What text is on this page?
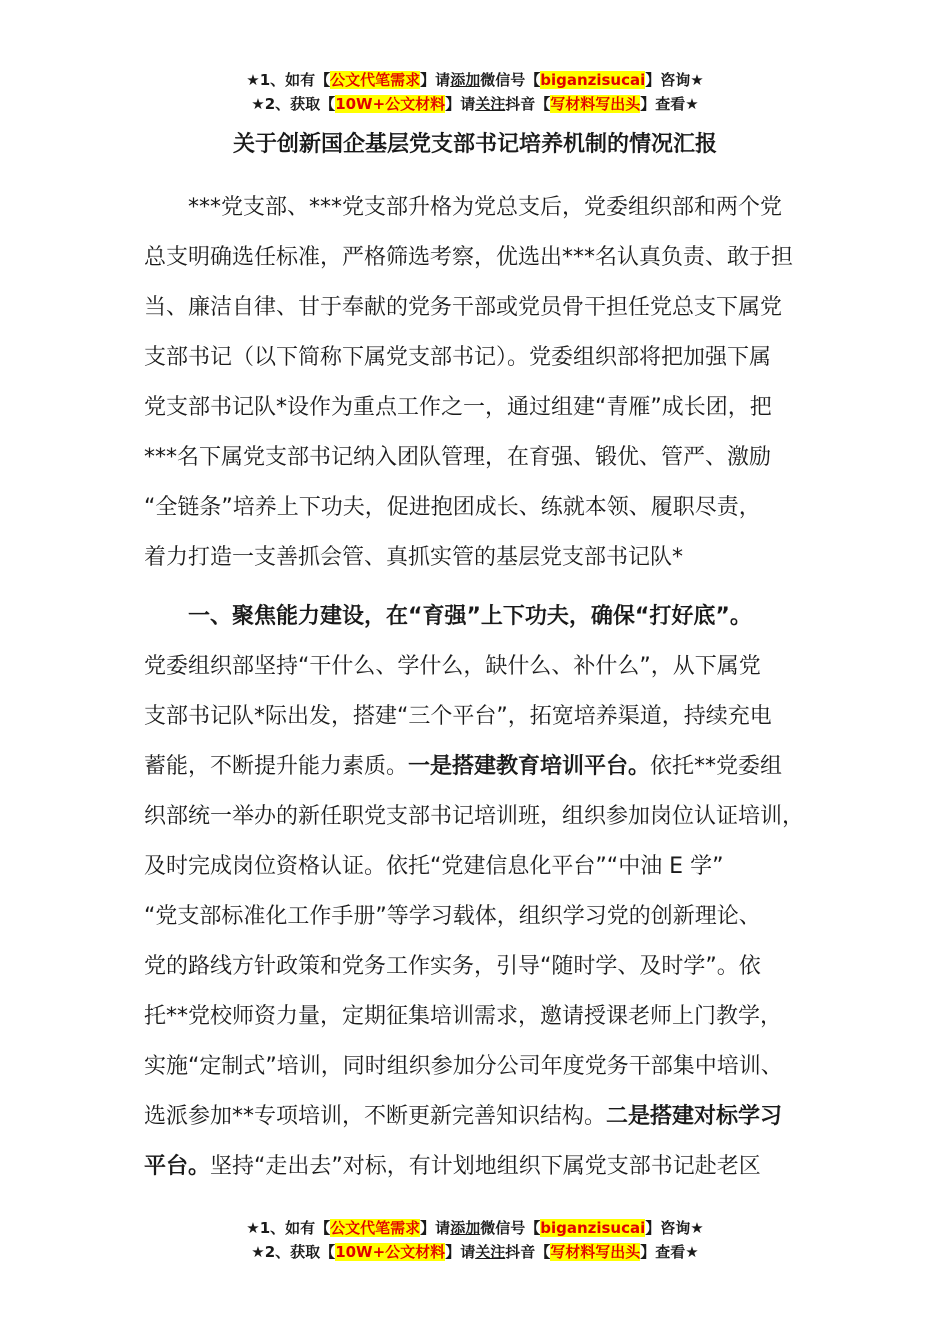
★1、如有【公文代笔需求】请添加微信号【biganzisucai】咨询★
★2、获取【10W+公文材料】请关注抖音【写材料写出头】查看★
关于创新国企基层党支部书记培养机制的情况汇报
　　***党支部、***党支部升格为党总支后，党委组织部和两个党
总支明确选任标准，严格筛选考察，优选出***名认真负责、敢于担
当、廉洁自律、甘于奉献的党务干部或党员骨干担任党总支下属党
支部书记（以下简称下属党支部书记）。党委组织部将把加强下属
党支部书记队*设作为重点工作之一，通过组建“青雁”成长团，把
***名下属党支部书记纳入团队管理，在育强、锻优、管严、激励
“全链条”培养上下功夫，促进抱团成长、练就本领、履职尽责，
着力打造一支善抓会管、真抓实管的基层党支部书记队*
　　一、聚焦能力建设，在“育强”上下功夫，确保“打好底”。
党委组织部坚持“干什么、学什么，缺什么、补什么”，从下属党
支部书记队*际出发，搭建“三个平台”，拓宽培养渠道，持续充电
蓄能，不断提升能力素质。一是搭建教育培训平台。依托**党委组
织部统一举办的新任职党支部书记培训班，组织参加岗位认证培训，
及时完成岗位资格认证。依托“党建信息化平台”“中油 E 学”
“党支部标准化工作手册”等学习载体，组织学习党的创新理论、
党的路线方针政策和党务工作实务，引导“随时学、及时学”。依
托**党校师资力量，定期征集培训需求，邀请授课老师上门教学，
实施“定制式”培训，同时组织参加分公司年度党务干部集中培训、
选派参加**专项培训，不断更新完善知识结构。二是搭建对标学习
平台。坚持“走出去”对标，有计划地组织下属党支部书记赴老区
★1、如有【公文代笔需求】请添加微信号【biganzisucai】咨询★
★2、获取【10W+公文材料】请关注抖音【写材料写出头】查看★
